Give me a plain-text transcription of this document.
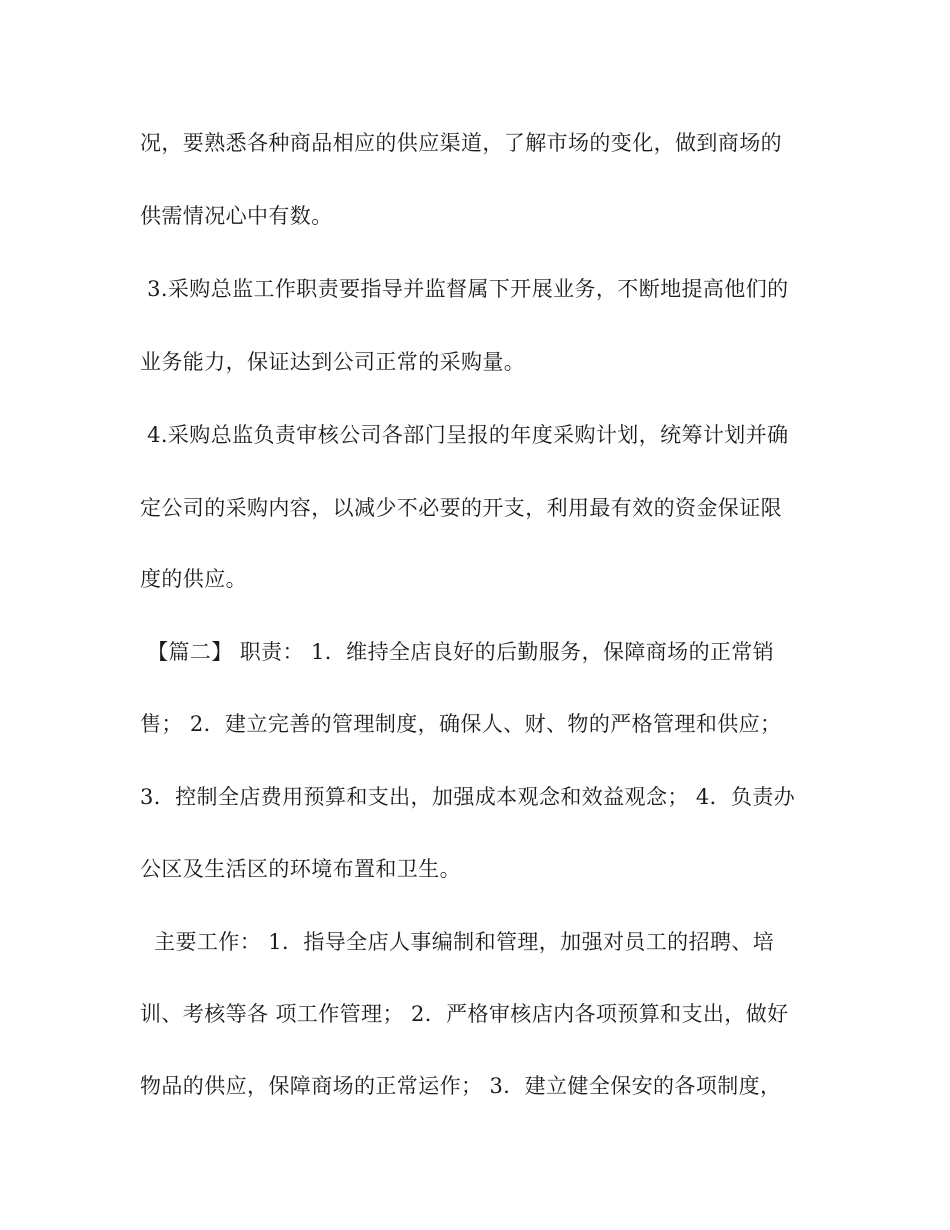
况，要熟悉各种商品相应的供应渠道，了解市场的变化，做到商场的
供需情况心中有数。
3.采购总监工作职责要指导并监督属下开展业务，不断地提高他们的
业务能力，保证达到公司正常的采购量。
4.采购总监负责审核公司各部门呈报的年度采购计划，统筹计划并确
定公司的采购内容，以减少不必要的开支，利用最有效的资金保证限
度的供应。
【篇二】 职责： 1．维持全店良好的后勤服务，保障商场的正常销
售； 2．建立完善的管理制度，确保人、财、物的严格管理和供应；
3．控制全店费用预算和支出，加强成本观念和效益观念； 4．负责办
公区及生活区的环境布置和卫生。
主要工作： 1．指导全店人事编制和管理，加强对员工的招聘、培
训、考核等各 项工作管理； 2．严格审核店内各项预算和支出，做好
物品的供应，保障商场的正常运作； 3．建立健全保安的各项制度，
